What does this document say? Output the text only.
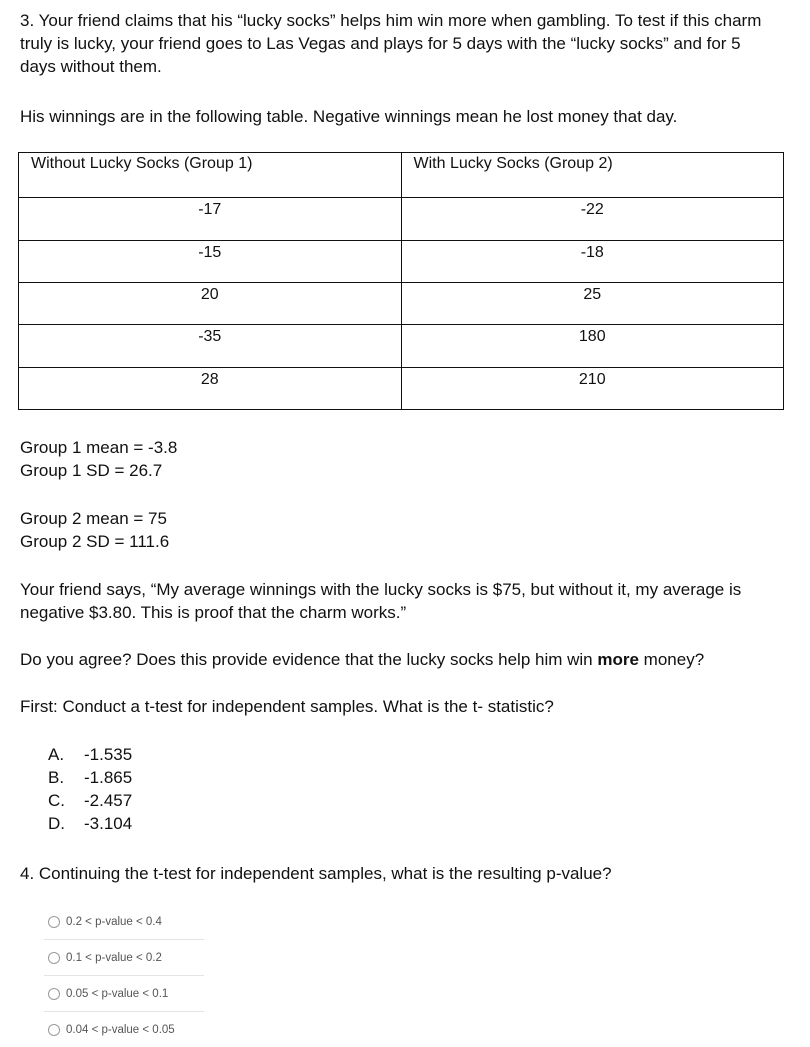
3. Your friend claims that his “lucky socks” helps him win more when gambling. To test if this charm truly is lucky, your friend goes to Las Vegas and plays for 5 days with the “lucky socks” and for 5 days without them.
His winnings are in the following table. Negative winnings mean he lost money that day.
Without Lucky Socks (Group 1)	With Lucky Socks (Group 2)
-17	-22
-15	-18
20	25
-35	180
28	210
Group 1 mean = -3.8
Group 1 SD = 26.7
Group 2 mean = 75
Group 2 SD = 111.6
Your friend says, “My average winnings with the lucky socks is $75, but without it, my average is negative $3.80. This is proof that the charm works.”
Do you agree? Does this provide evidence that the lucky socks help him win more money?
First: Conduct a t-test for independent samples. What is the t- statistic?
A.	-1.535
B.	-1.865
C.	-2.457
D.	-3.104
4. Continuing the t-test for independent samples, what is the resulting p-value?
0.2 < p-value < 0.4
0.1 < p-value < 0.2
0.05 < p-value < 0.1
0.04 < p-value < 0.05
